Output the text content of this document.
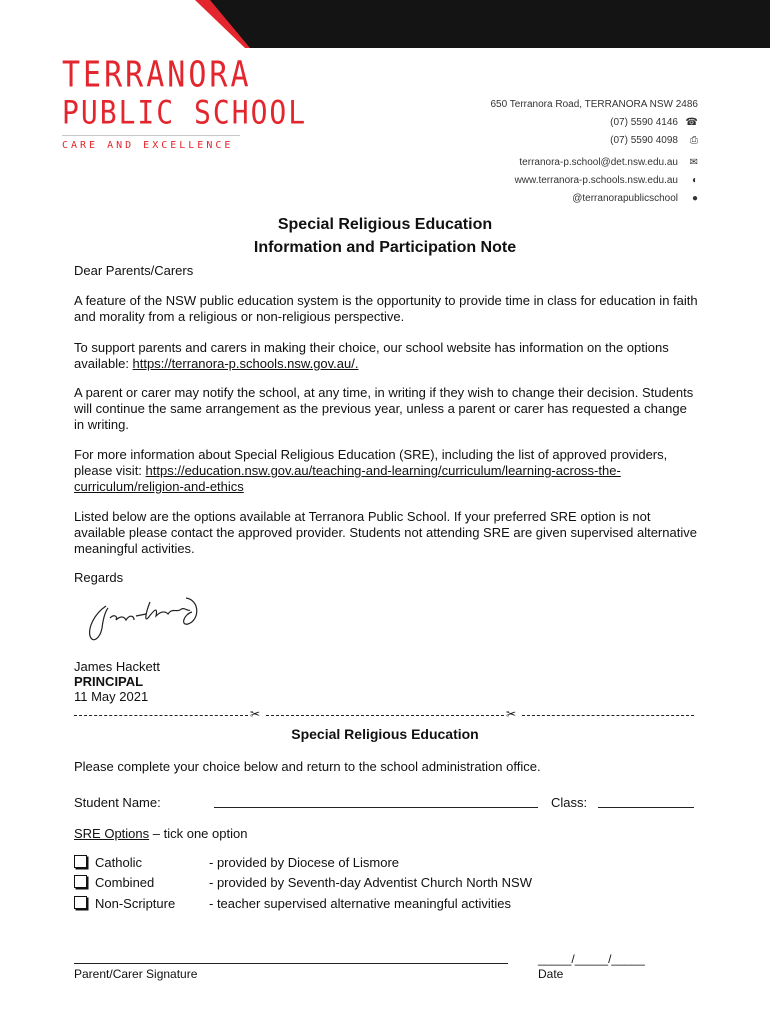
TERRANORA
PUBLIC SCHOOL
CARE AND EXCELLENCE
650 Terranora Road, TERRANORA NSW 2486
(07) 5590 4146 ☎
(07) 5590 4098 ⎙
terranora-p.school@det.nsw.edu.au ✉
www.terranora-p.schools.nsw.edu.au ◐
@terranorapublicschool ●
Special Religious Education
Information and Participation Note

Dear Parents/Carers

A feature of the NSW public education system is the opportunity to provide time in class for education in faith and morality from a religious or non-religious perspective.

To support parents and carers in making their choice, our school website has information on the options available: https://terranora-p.schools.nsw.gov.au/.

A parent or carer may notify the school, at any time, in writing if they wish to change their decision. Students will continue the same arrangement as the previous year, unless a parent or carer has requested a change in writing.

For more information about Special Religious Education (SRE), including the list of approved providers, please visit: https://education.nsw.gov.au/teaching-and-learning/curriculum/learning-across-the-curriculum/religion-and-ethics

Listed below are the options available at Terranora Public School. If your preferred SRE option is not available please contact the approved provider. Students not attending SRE are given supervised alternative meaningful activities.

Regards

James Hackett

PRINCIPAL

11 May 2021

✂	✂
Special Religious Education

Please complete your choice below and return to the school administration office.

Student Name:	Class:

SRE Options – tick one option

Catholic	- provided by Diocese of Lismore
Combined	- provided by Seventh-day Adventist Church North NSW
Non-Scripture	- teacher supervised alternative meaningful activities
_____/_____/_____
Parent/Carer Signature	Date
